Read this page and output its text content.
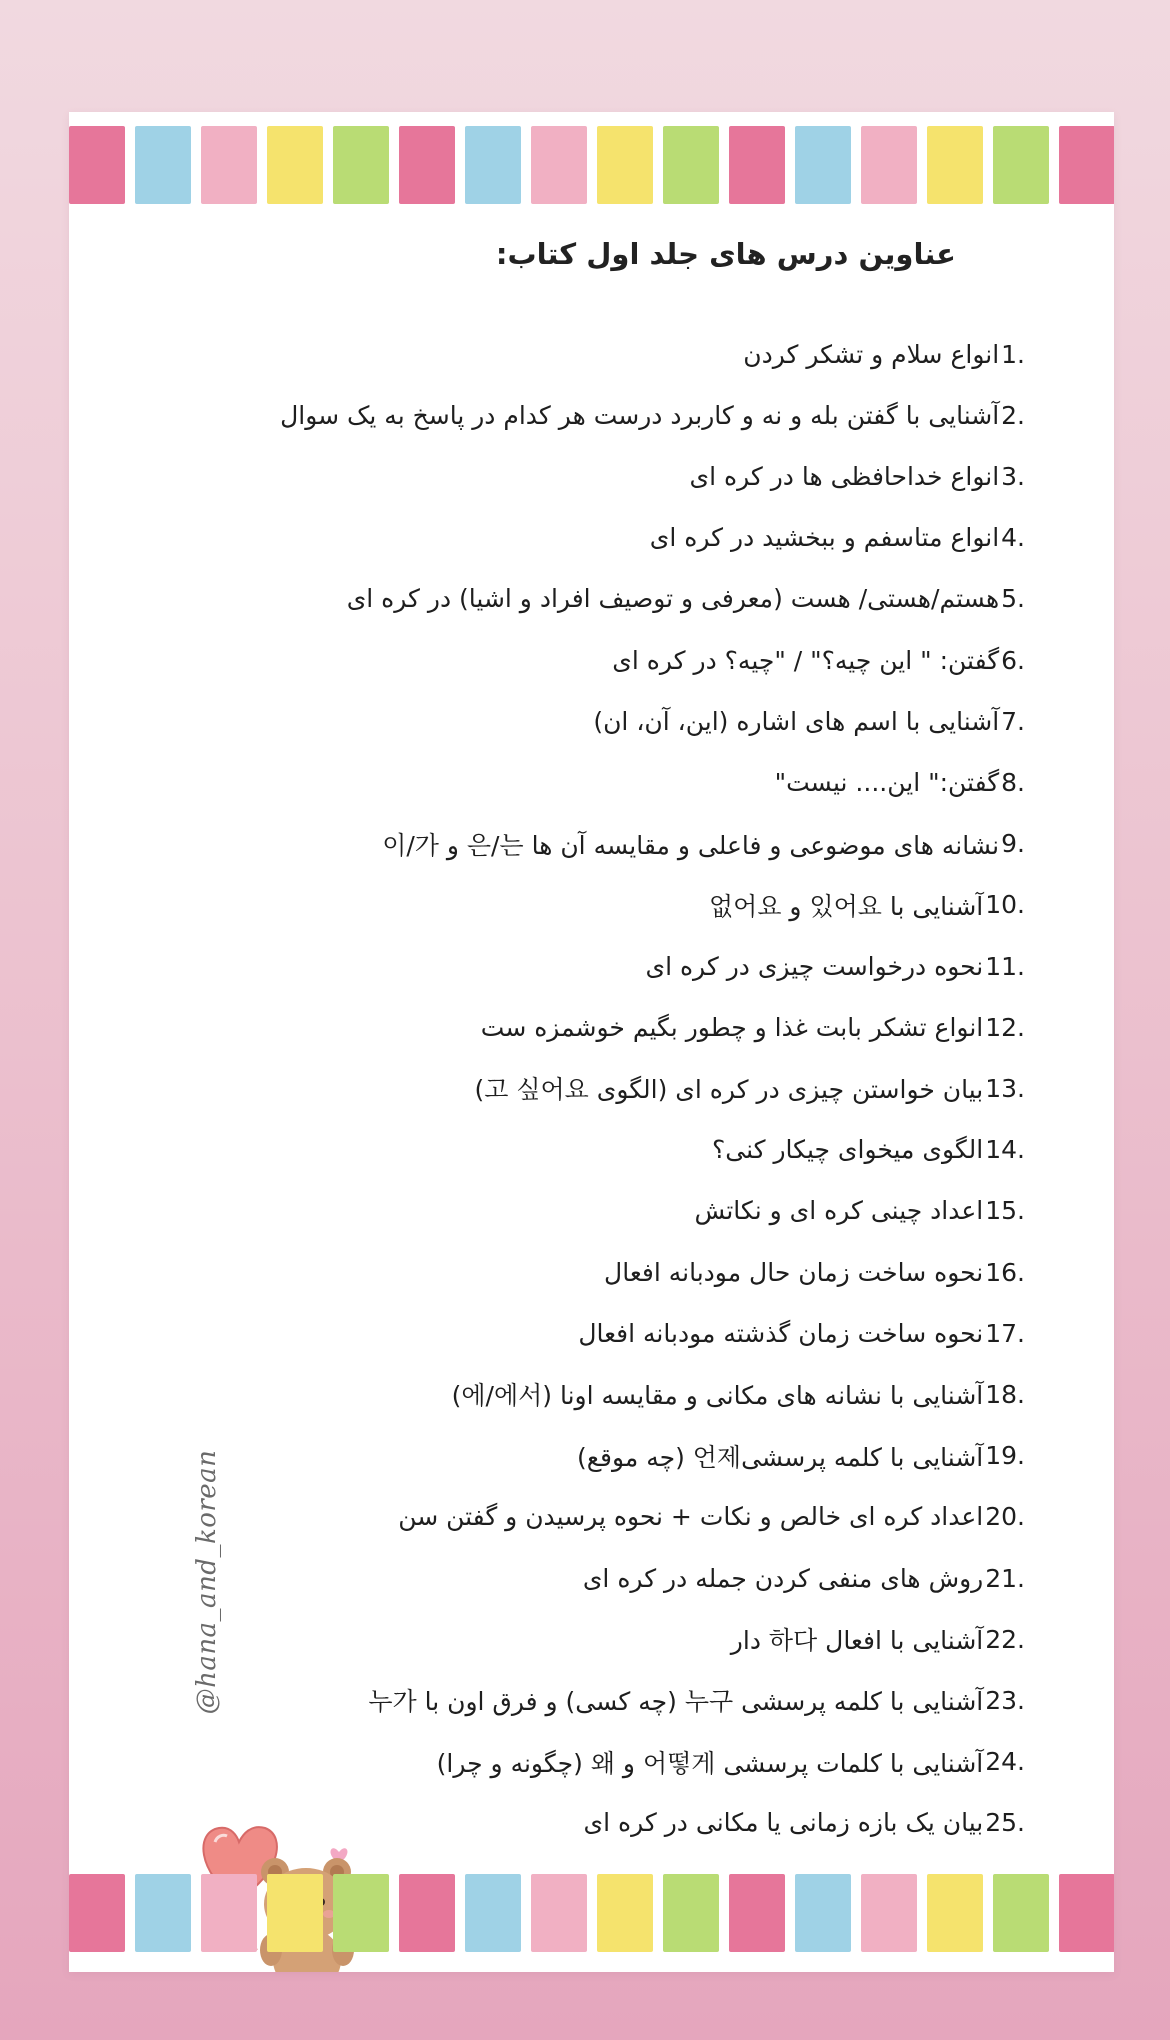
عناوین درس های جلد اول کتاب:
1.
انواع سلام و تشکر کردن
2.
آشنایی با گفتن بله و نه و کاربرد درست هر کدام در پاسخ به یک سوال
3.
انواع خداحافظی ها در کره ای
4.
انواع متاسفم و ببخشید در کره ای
5.
هستم/هستی/ هست (معرفی و توصیف افراد و اشیا) در کره ای
6.
گفتن: " این چیه؟" / "چیه؟ در کره ای
7.
آشنایی با اسم های اشاره (این، آن، ان)
8.
گفتن:" این.... نیست"
9.
نشانه های موضوعی و فاعلی و مقایسه آن ها 은/는 و 이/가
10.
آشنایی با 있어요 و 없어요
11.
نحوه درخواست چیزی در کره ای
12.
انواع تشکر بابت غذا و چطور بگیم خوشمزه ست
13.
بیان خواستن چیزی در کره ای (الگوی 고 싶어요)
14.
الگوی میخوای چیکار کنی؟
15.
اعداد چینی کره ای و نکاتش
16.
نحوه ساخت زمان حال مودبانه افعال
17.
نحوه ساخت زمان گذشته مودبانه افعال
18.
آشنایی با نشانه های مکانی و مقایسه اونا (에/에서)
19.
آشنایی با کلمه پرسشی언제 (چه موقع)
20.
اعداد کره ای خالص و نکات + نحوه پرسیدن و گفتن سن
21.
روش های منفی کردن جمله در کره ای
22.
آشنایی با افعال 하다 دار
23.
آشنایی با کلمه پرسشی 누구 (چه کسی) و فرق اون با 누가
24.
آشنایی با کلمات پرسشی 어떻게 و 왜 (چگونه و چرا)
25.
بیان یک بازه زمانی یا مکانی در کره ای
@hana_and_korean
